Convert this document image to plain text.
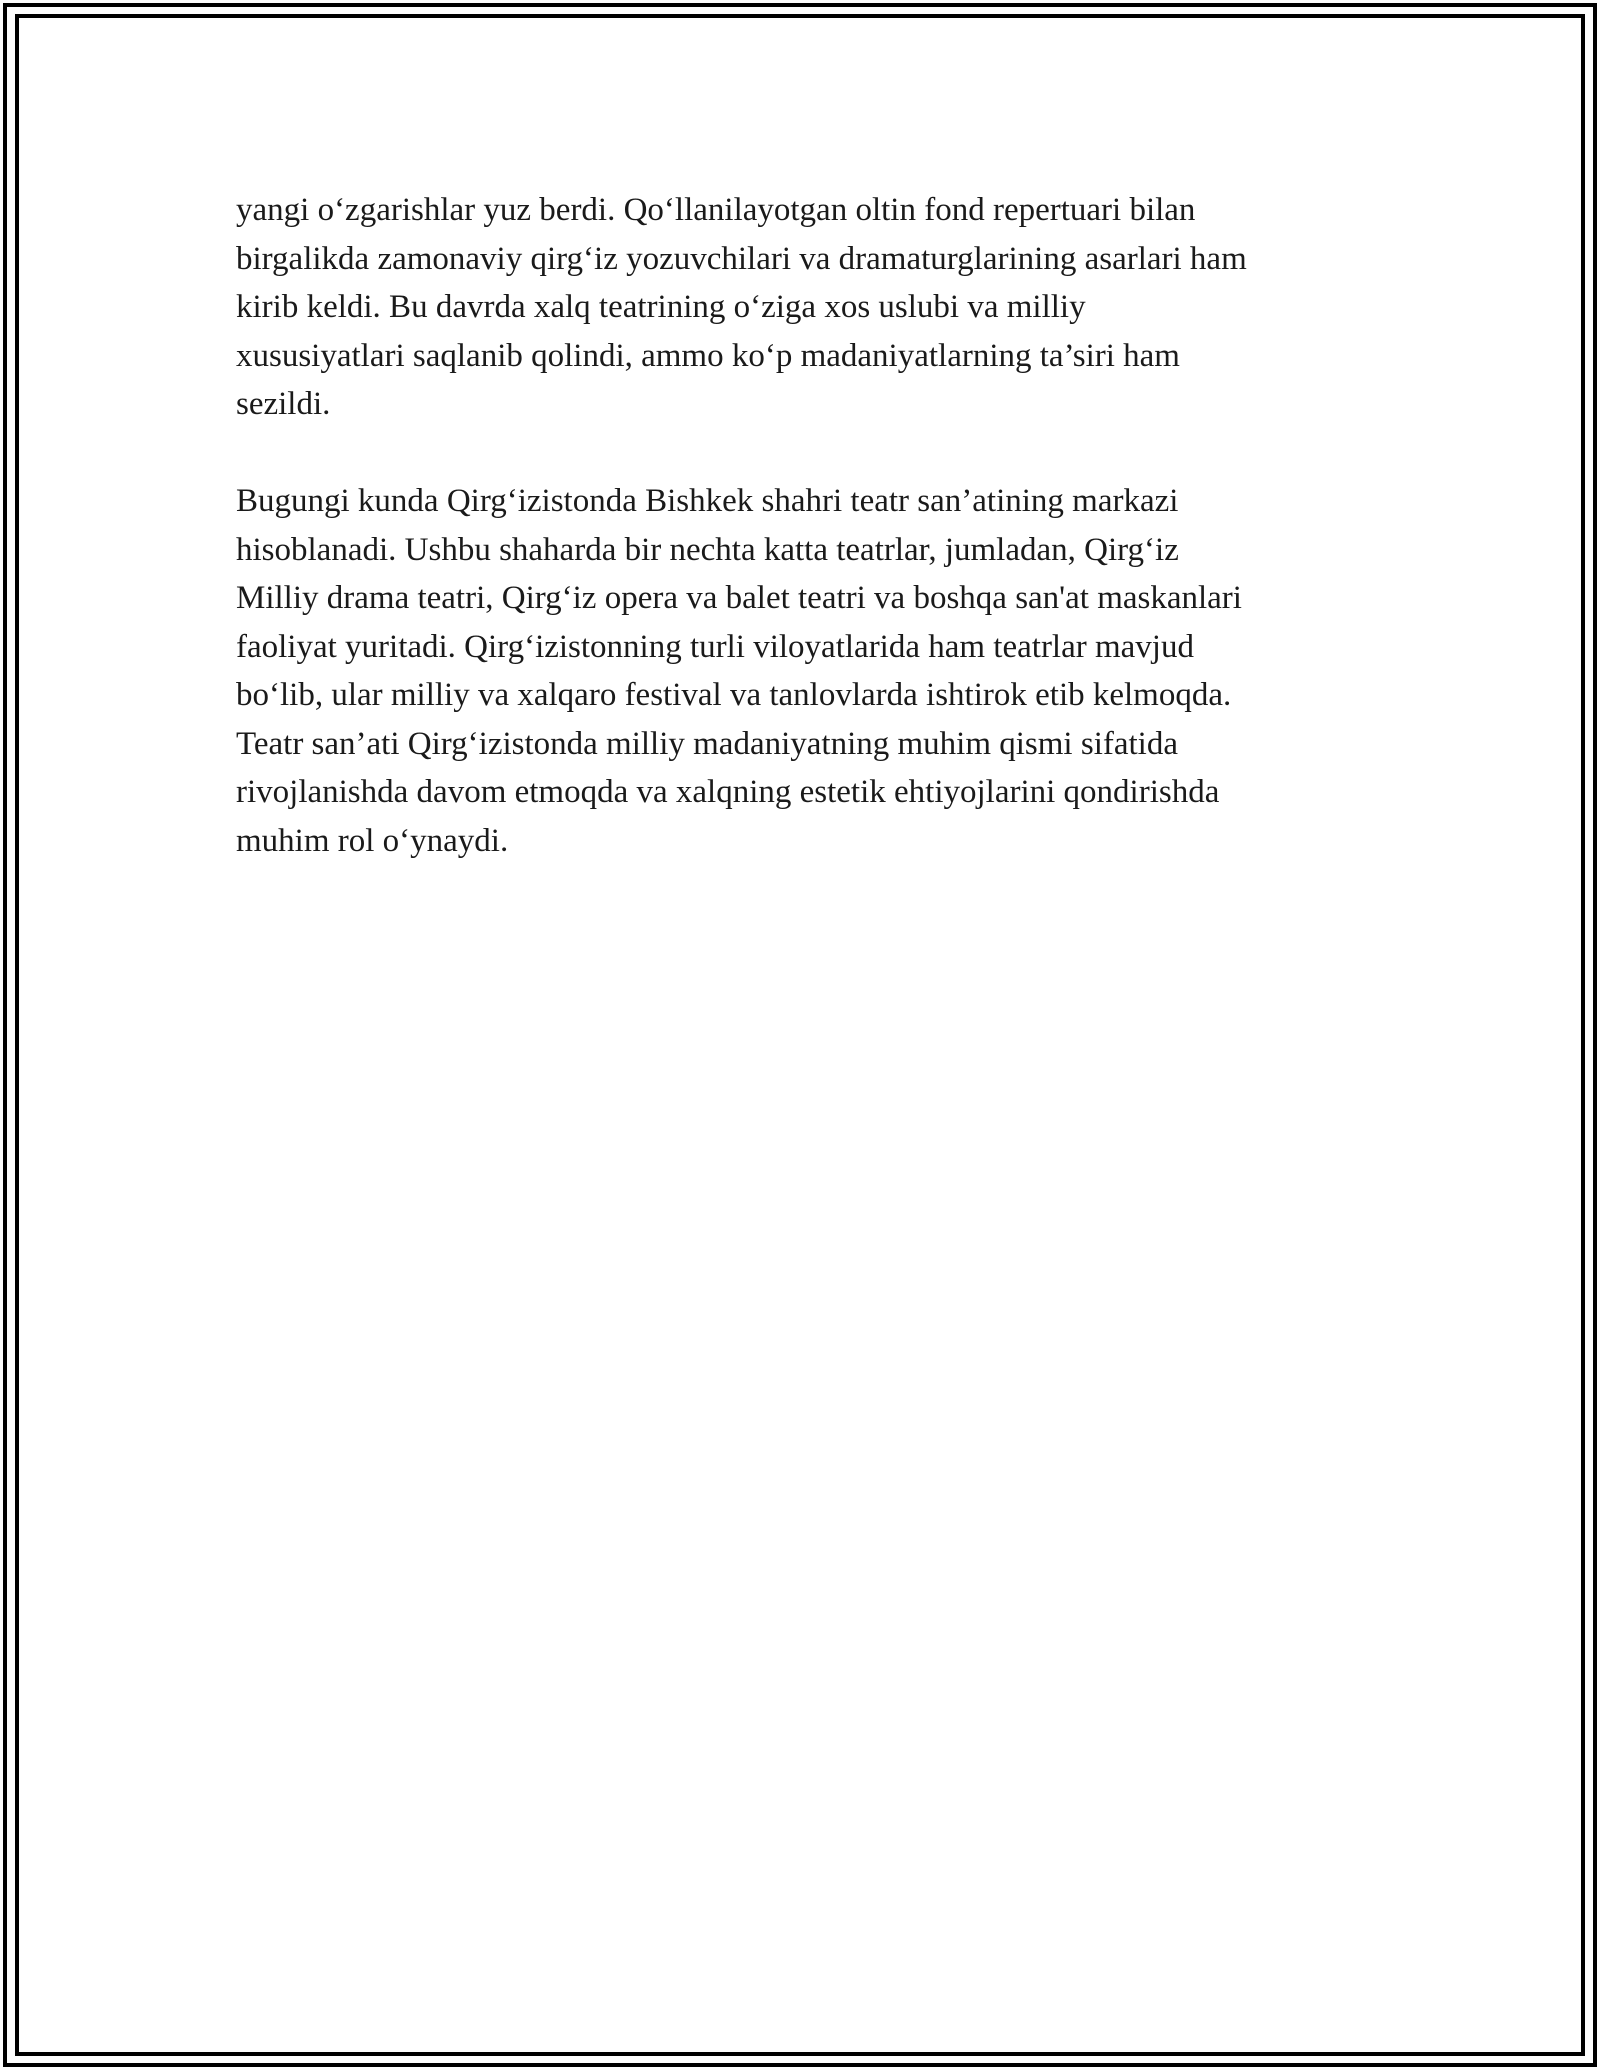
yangi o‘zgarishlar yuz berdi. Qo‘llanilayotgan oltin fond repertuari bilan
birgalikda zamonaviy qirg‘iz yozuvchilari va dramaturglarining asarlari ham
kirib keldi. Bu davrda xalq teatrining o‘ziga xos uslubi va milliy
xususiyatlari saqlanib qolindi, ammo ko‘p madaniyatlarning ta’siri ham
sezildi.

Bugungi kunda Qirg‘izistonda Bishkek shahri teatr san’atining markazi
hisoblanadi. Ushbu shaharda bir nechta katta teatrlar, jumladan, Qirg‘iz
Milliy drama teatri, Qirg‘iz opera va balet teatri va boshqa san'at maskanlari
faoliyat yuritadi. Qirg‘izistonning turli viloyatlarida ham teatrlar mavjud
bo‘lib, ular milliy va xalqaro festival va tanlovlarda ishtirok etib kelmoqda.
Teatr san’ati Qirg‘izistonda milliy madaniyatning muhim qismi sifatida
rivojlanishda davom etmoqda va xalqning estetik ehtiyojlarini qondirishda
muhim rol o‘ynaydi.
